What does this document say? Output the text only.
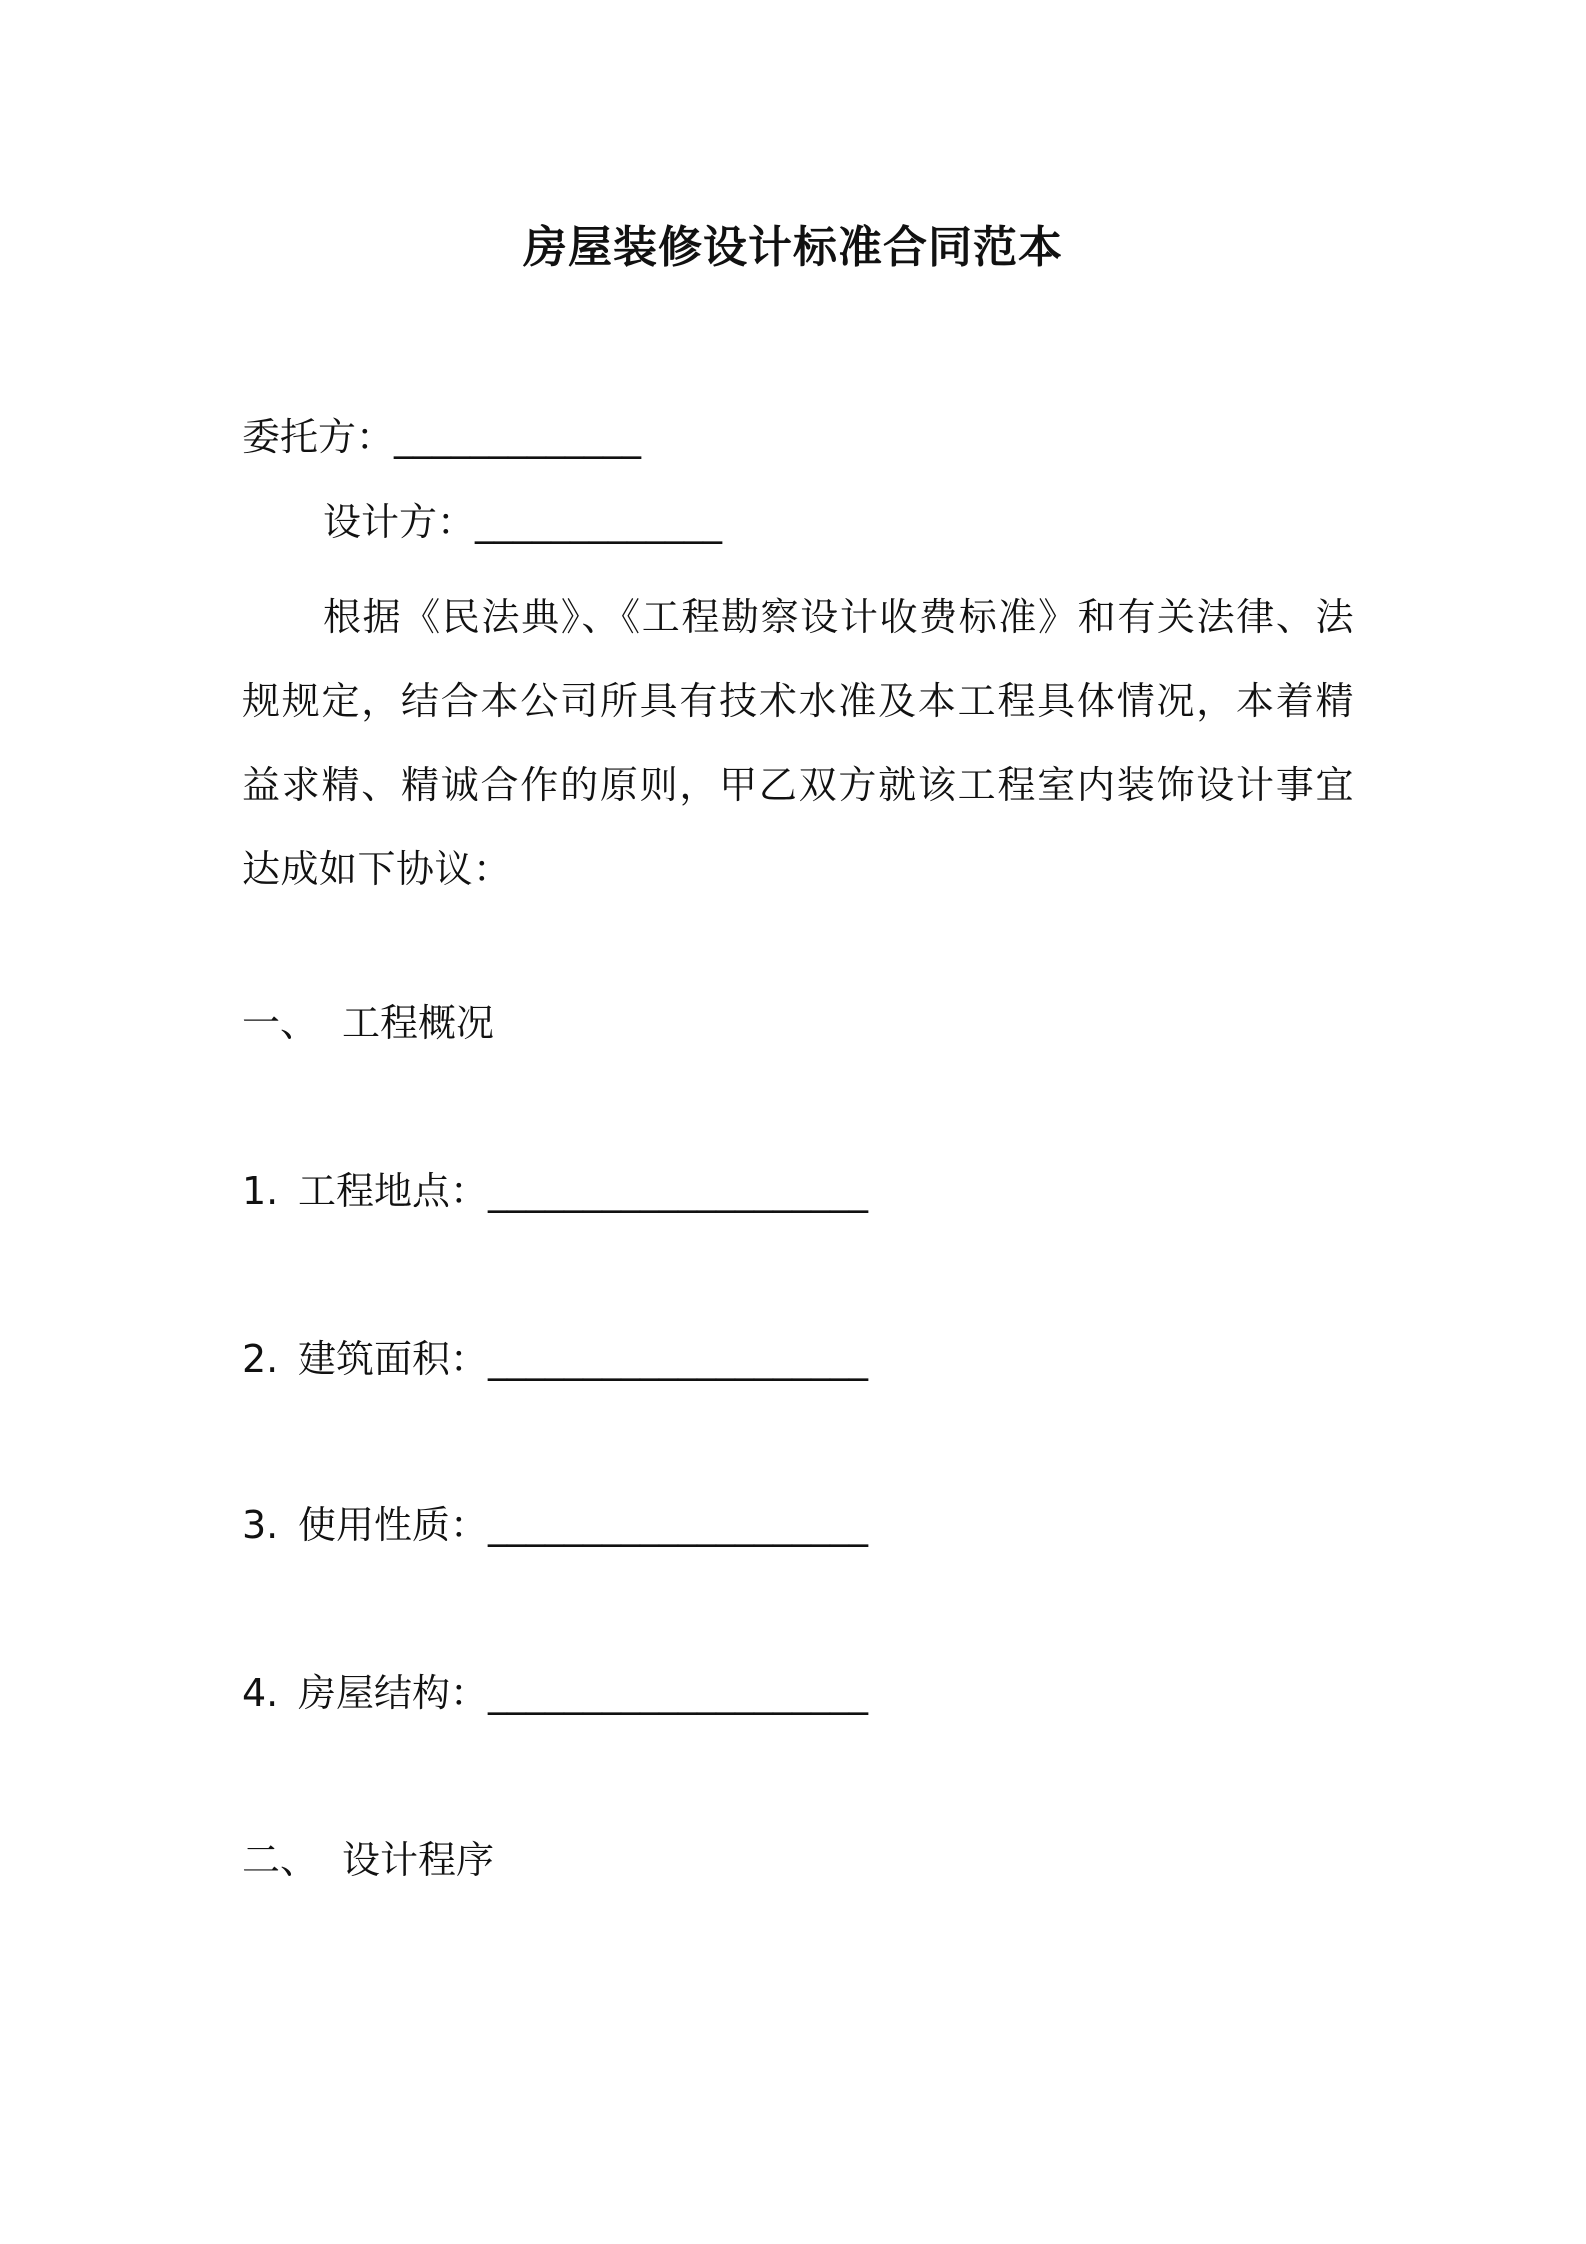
房屋装修设计标准合同范本
委托方：_____________
设计方：_____________
根据《民法典》、《工程勘察设计收费标准》和有关法律、法规规定，结合本公司所具有技术水准及本工程具体情况，本着精益求精、精诚合作的原则，甲乙双方就该工程室内装饰设计事宜达成如下协议：
一、 工程概况
1. 工程地点：____________________
2. 建筑面积：____________________
3. 使用性质：____________________
4. 房屋结构：____________________
二、 设计程序
